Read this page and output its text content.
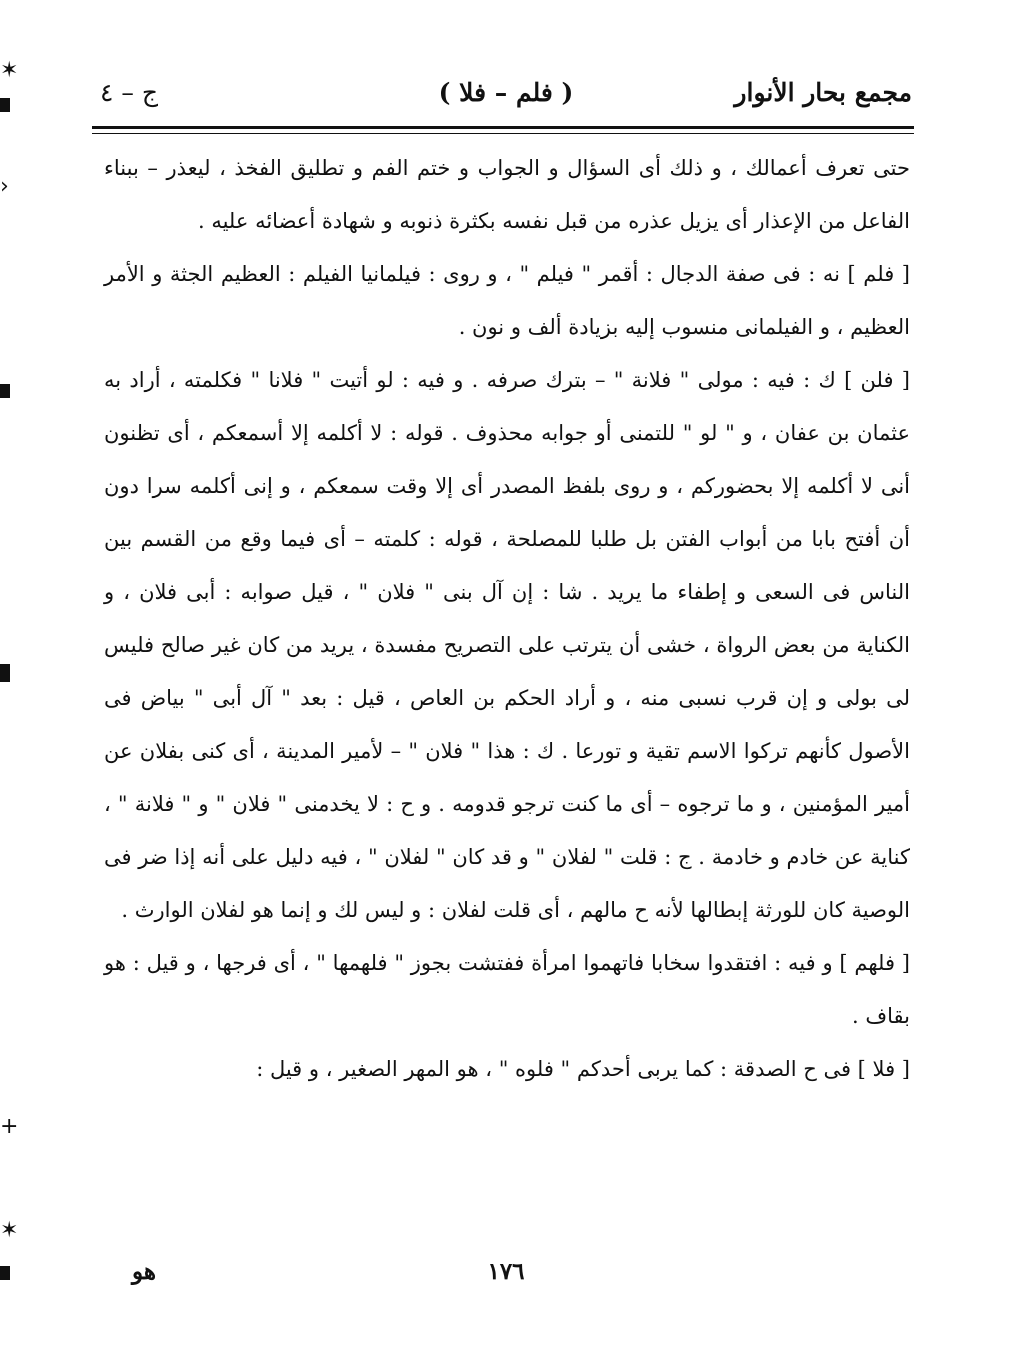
✶
›
+
✶
مجمع بحار الأنوار
( فلم – فلا )
ج – ٤

حتى تعرف أعمالك ، و ذلك أى السؤال و الجواب و ختم الفم و تطليق الفخذ ، ليعذر – ببناء الفاعل من الإعذار أى يزيل عذره من قبل نفسه بكثرة ذنوبه و شهادة أعضائه عليه .

[ فلم ] نه : فى صفة الدجال : أقمر " فيلم " ، و روى : فيلمانيا الفيلم : العظيم الجثة و الأمر العظيم ، و الفيلمانى منسوب إليه بزيادة ألف و نون .

[ فلن ] ك : فيه : مولى " فلانة " – بترك صرفه . و فيه : لو أتيت " فلانا " فكلمته ، أراد به عثمان بن عفان ، و " لو " للتمنى أو جوابه محذوف . قوله : لا أكلمه إلا أسمعكم ، أى تظنون أنى لا أكلمه إلا بحضوركم ، و روى بلفظ المصدر أى إلا وقت سمعكم ، و إنى أكلمه سرا دون أن أفتح بابا من أبواب الفتن بل طلبا للمصلحة ، قوله : كلمته – أى فيما وقع من القسم بين الناس فى السعى و إطفاء ما يريد . شا : إن آل بنى " فلان " ، قيل صوابه : أبى فلان ، و الكناية من بعض الرواة ، خشى أن يترتب على التصريح مفسدة ، يريد من كان غير صالح فليس لى بولى و إن قرب نسبى منه ، و أراد الحكم بن العاص ، قيل : بعد " آل أبى " بياض فى الأصول كأنهم تركوا الاسم تقية و تورعا . ك : هذا " فلان " – لأمير المدينة ، أى كنى بفلان عن أمير المؤمنين ، و ما ترجوه – أى ما كنت ترجو قدومه . و ح : لا يخدمنى " فلان " و " فلانة " ، كناية عن خادم و خادمة . ج : قلت " لفلان " و قد كان " لفلان " ، فيه دليل على أنه إذا ضر فى الوصية كان للورثة إبطالها لأنه ح مالهم ، أى قلت لفلان : و ليس لك و إنما هو لفلان الوارث .

[ فلهم ] و فيه : افتقدوا سخابا فاتهموا امرأة ففتشت بجوز " فلهمها " ، أى فرجها ، و قيل : هو بقاف .

[ فلا ] فى ح الصدقة : كما يربى أحدكم " فلوه " ، هو المهر الصغير ، و قيل :

١٧٦
هو
